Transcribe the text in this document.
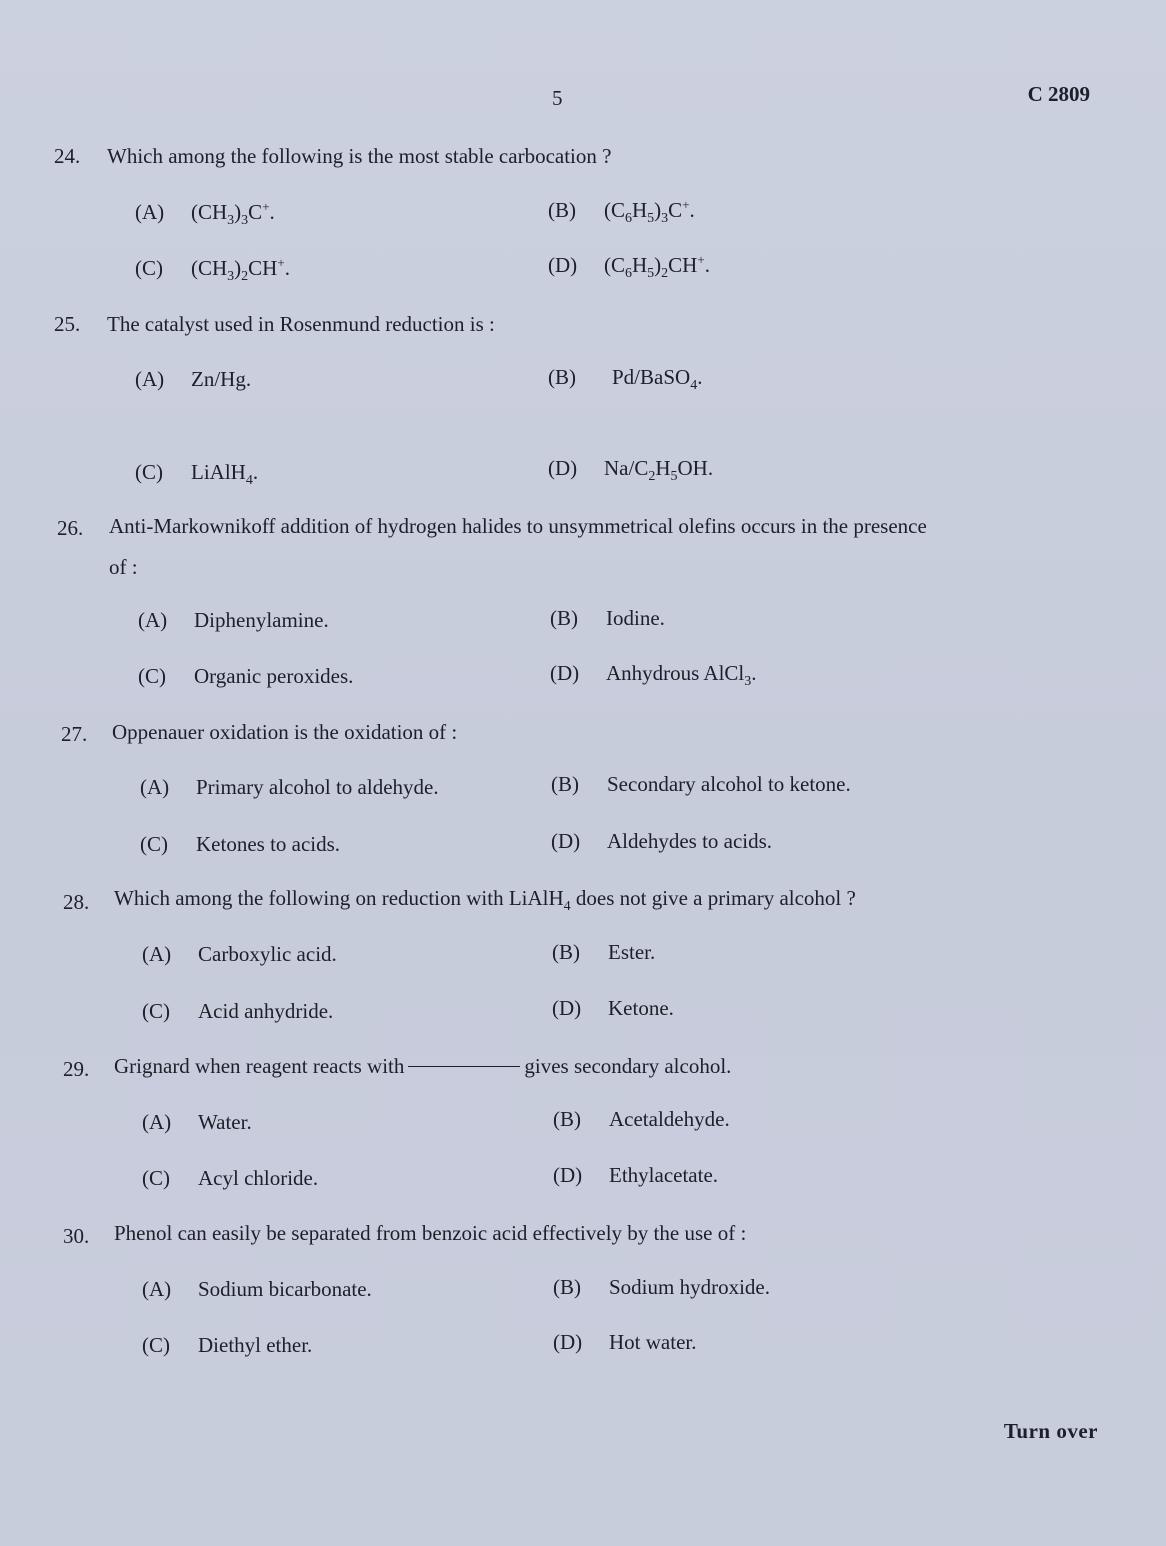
5	C 2809
24. Which among the following is the most stable carbocation ?
(A) $(CH_3)_3C^+$.	(B) $(C_6H_5)_3C^+$.
(C) $(CH_3)_2CH^+$.	(D) $(C_6H_5)_2CH^+$.
25. The catalyst used in Rosenmund reduction is :
(A) Zn/Hg.	(B) Pd/BaSO$_4$.
(C) LiAlH$_4$.	(D) $Na/C_2H_5OH$.
26. Anti-Markownikoff addition of hydrogen halides to unsymmetrical olefins occurs in the presence
of :
(A) Diphenylamine.	(B) Iodine.
(C) Organic peroxides.	(D) Anhydrous AlCl$_3$.
27. Oppenauer oxidation is the oxidation of :
(A) Primary alcohol to aldehyde.	(B) Secondary alcohol to ketone.
(C) Ketones to acids.	(D) Aldehydes to acids.
28. Which among the following on reduction with LiAlH$_4$ does not give a primary alcohol ?
(A) Carboxylic acid.	(B) Ester.
(C) Acid anhydride.	(D) Ketone.
29. Grignard when reagent reacts with	gives secondary alcohol.
(A) Water.	(B) Acetaldehyde.
(C) Acyl chloride.	(D) Ethylacetate.
30. Phenol can easily be separated from benzoic acid effectively by the use of :
(A) Sodium bicarbonate.	(B) Sodium hydroxide.
(C) Diethyl ether.	(D) Hot water.
Turn over
